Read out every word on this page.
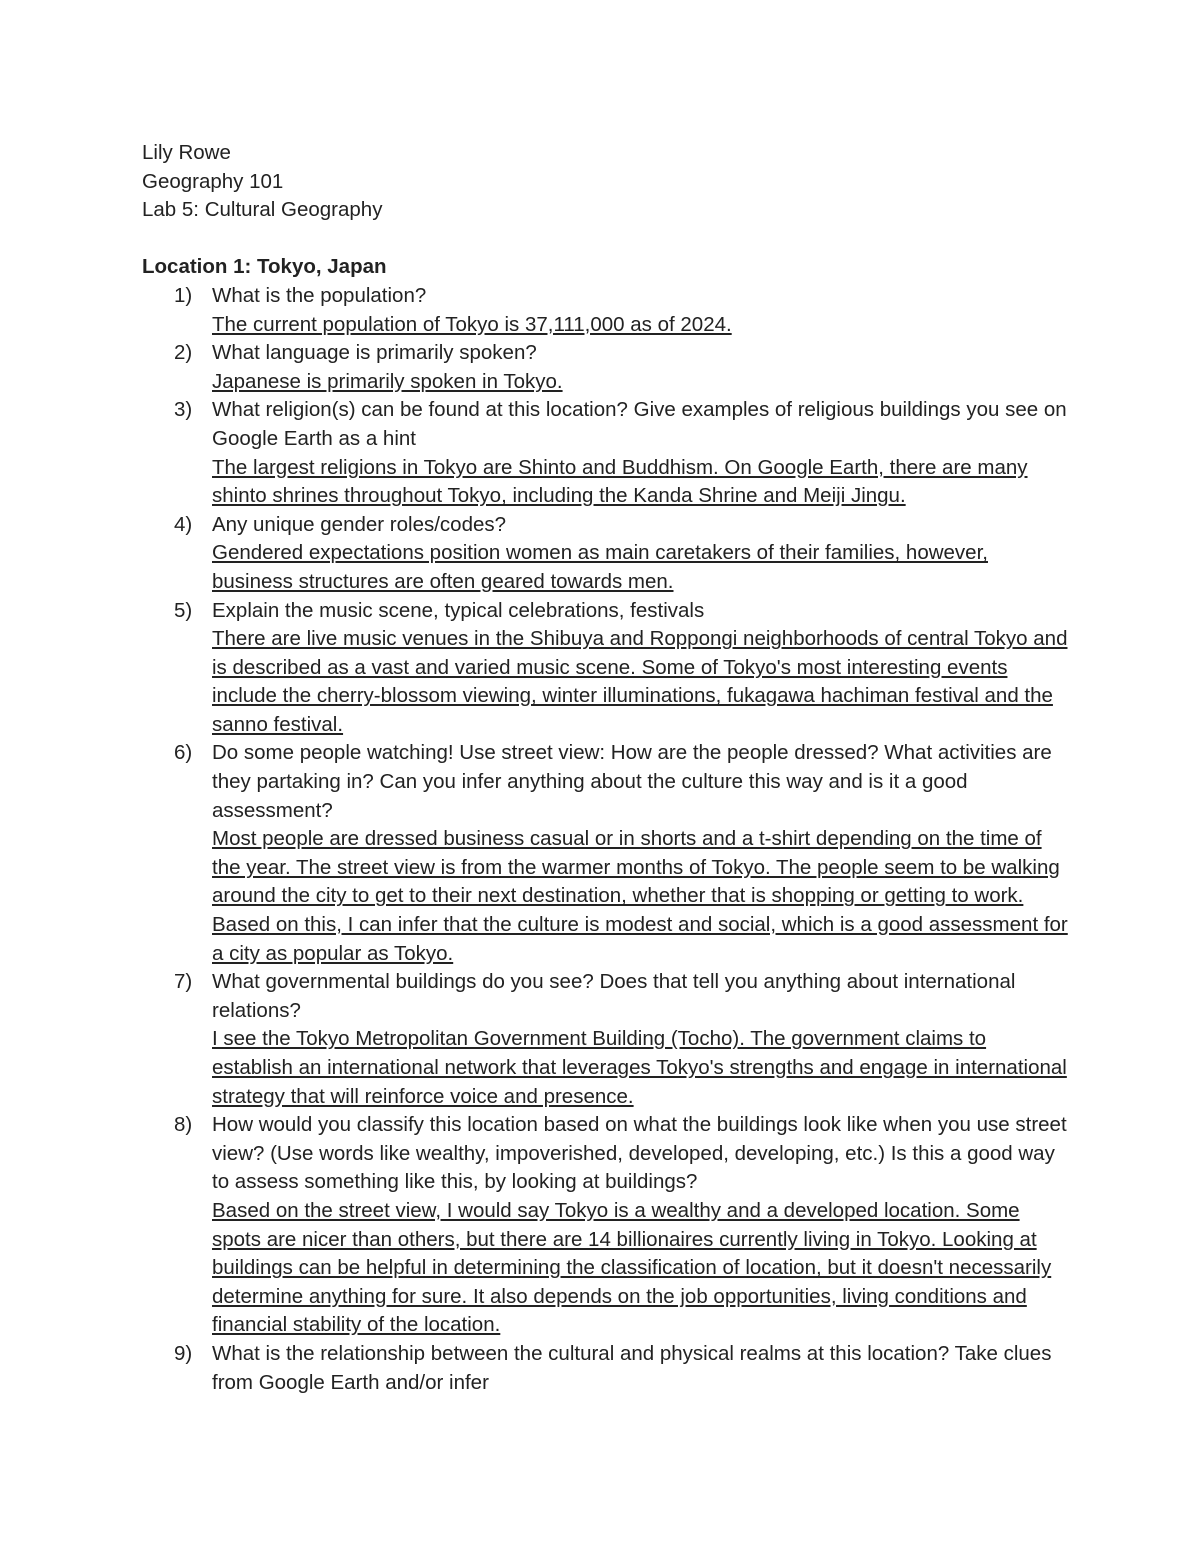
Lily Rowe
Geography 101
Lab 5: Cultural Geography
Location 1: Tokyo, Japan
1) What is the population?
The current population of Tokyo is 37,111,000 as of 2024.
2) What language is primarily spoken?
Japanese is primarily spoken in Tokyo.
3) What religion(s) can be found at this location? Give examples of religious buildings you see on Google Earth as a hint
The largest religions in Tokyo are Shinto and Buddhism. On Google Earth, there are many shinto shrines throughout Tokyo, including the Kanda Shrine and Meiji Jingu.
4) Any unique gender roles/codes?
Gendered expectations position women as main caretakers of their families, however, business structures are often geared towards men.
5) Explain the music scene, typical celebrations, festivals
There are live music venues in the Shibuya and Roppongi neighborhoods of central Tokyo and is described as a vast and varied music scene. Some of Tokyo's most interesting events include the cherry-blossom viewing, winter illuminations, fukagawa hachiman festival and the sanno festival.
6) Do some people watching! Use street view: How are the people dressed? What activities are they partaking in? Can you infer anything about the culture this way and is it a good assessment?
Most people are dressed business casual or in shorts and a t-shirt depending on the time of the year. The street view is from the warmer months of Tokyo. The people seem to be walking around the city to get to their next destination, whether that is shopping or getting to work. Based on this, I can infer that the culture is modest and social, which is a good assessment for a city as popular as Tokyo.
7) What governmental buildings do you see? Does that tell you anything about international relations?
I see the Tokyo Metropolitan Government Building (Tocho). The government claims to establish an international network that leverages Tokyo's strengths and engage in international strategy that will reinforce voice and presence.
8) How would you classify this location based on what the buildings look like when you use street view? (Use words like wealthy, impoverished, developed, developing, etc.) Is this a good way to assess something like this, by looking at buildings?
Based on the street view, I would say Tokyo is a wealthy and a developed location. Some spots are nicer than others, but there are 14 billionaires currently living in Tokyo. Looking at buildings can be helpful in determining the classification of location, but it doesn't necessarily determine anything for sure. It also depends on the job opportunities, living conditions and financial stability of the location.
9) What is the relationship between the cultural and physical realms at this location? Take clues from Google Earth and/or infer
